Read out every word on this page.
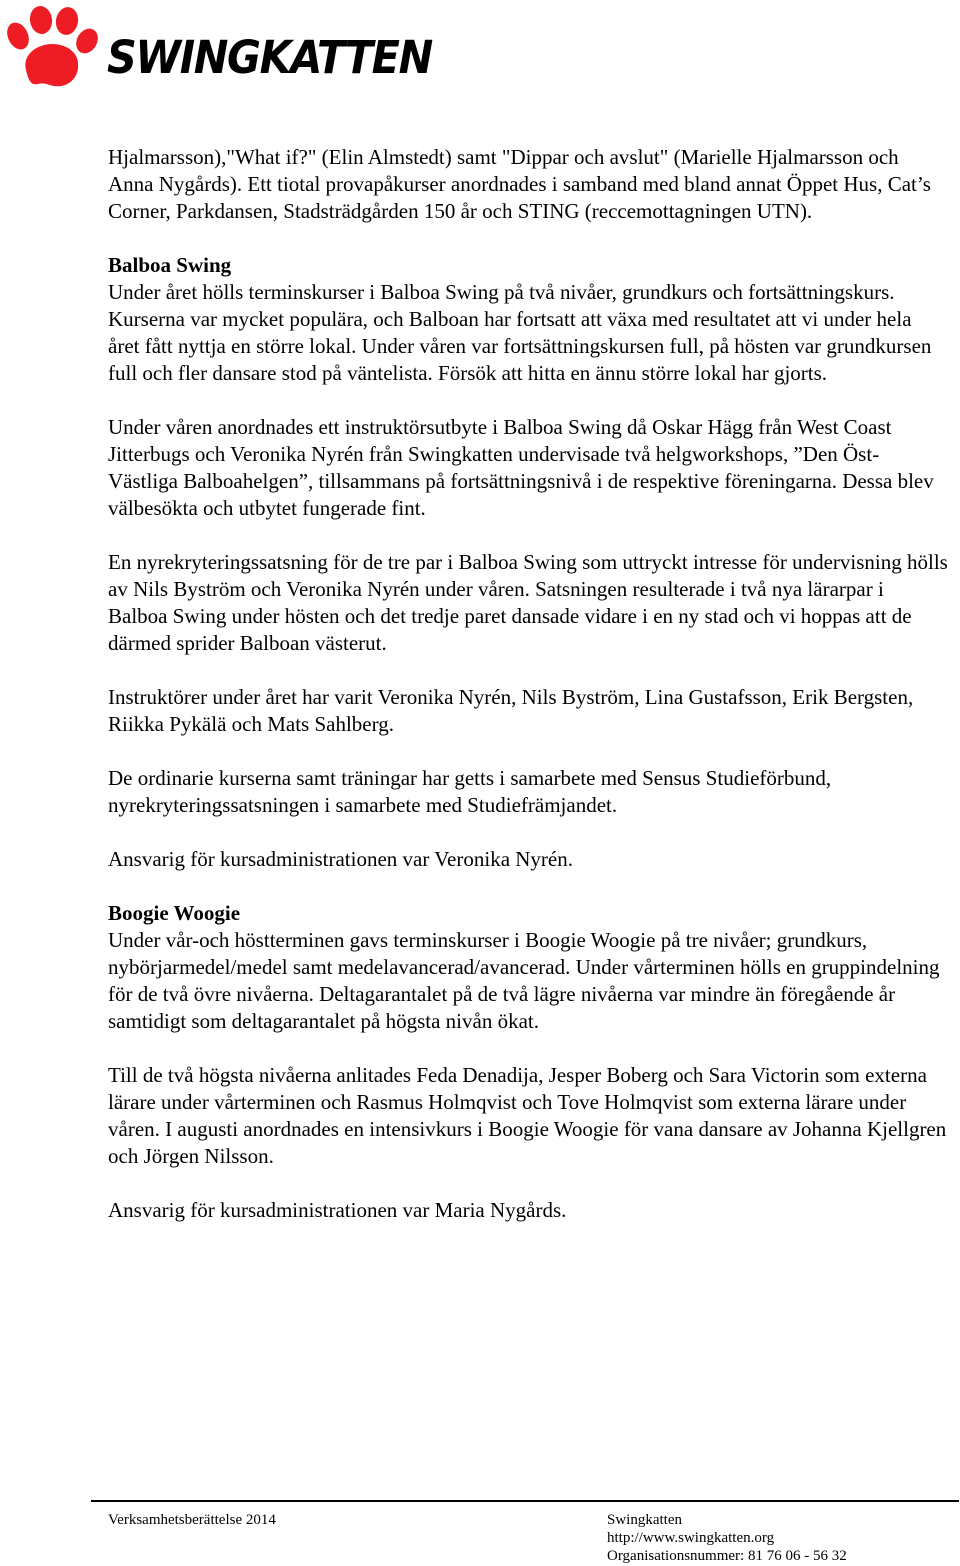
SWINGKATTEN

Hjalmarsson),"What if?" (Elin Almstedt) samt "Dippar och avslut" (Marielle Hjalmarsson och Anna Nygårds). Ett tiotal provapåkurser anordnades i samband med bland annat Öppet Hus, Cat’s Corner, Parkdansen, Stadsträdgården 150 år och STING (reccemottagningen UTN).

Balboa Swing

Under året hölls terminskurser i Balboa Swing på två nivåer, grundkurs och fortsättningskurs. Kurserna var mycket populära, och Balboan har fortsatt att växa med resultatet att vi under hela året fått nyttja en större lokal. Under våren var fortsättningskursen full, på hösten var grundkursen full och fler dansare stod på väntelista. Försök att hitta en ännu större lokal har gjorts.

Under våren anordnades ett instruktörsutbyte i Balboa Swing då Oskar Hägg från West Coast Jitterbugs och Veronika Nyrén från Swingkatten undervisade två helgworkshops, ”Den Öst-Västliga Balboahelgen”, tillsammans på fortsättningsnivå i de respektive föreningarna. Dessa blev välbesökta och utbytet fungerade fint.

En nyrekryteringssatsning för de tre par i Balboa Swing som uttryckt intresse för undervisning hölls av Nils Byström och Veronika Nyrén under våren. Satsningen resulterade i två nya lärarpar i Balboa Swing under hösten och det tredje paret dansade vidare i en ny stad och vi hoppas att de därmed sprider Balboan västerut.

Instruktörer under året har varit Veronika Nyrén, Nils Byström, Lina Gustafsson, Erik Bergsten, Riikka Pykälä och Mats Sahlberg.

De ordinarie kurserna samt träningar har getts i samarbete med Sensus Studieförbund, nyrekryteringssatsningen i samarbete med Studiefrämjandet.

Ansvarig för kursadministrationen var Veronika Nyrén.

Boogie Woogie

Under vår-och höstterminen gavs terminskurser i Boogie Woogie på tre nivåer; grundkurs, nybörjarmedel/medel samt medelavancerad/avancerad. Under vårterminen hölls en gruppindelning för de två övre nivåerna. Deltagarantalet på de två lägre nivåerna var mindre än föregående år samtidigt som deltagarantalet på högsta nivån ökat.

Till de två högsta nivåerna anlitades Feda Denadija, Jesper Boberg och Sara Victorin som externa lärare under vårterminen och Rasmus Holmqvist och Tove Holmqvist som externa lärare under våren. I augusti anordnades en intensivkurs i Boogie Woogie för vana dansare av Johanna Kjellgren och Jörgen Nilsson.

Ansvarig för kursadministrationen var Maria Nygårds.

Verksamhetsberättelse 2014	Swingkatten
http://www.swingkatten.org
Organisationsnummer: 81 76 06 - 56 32
